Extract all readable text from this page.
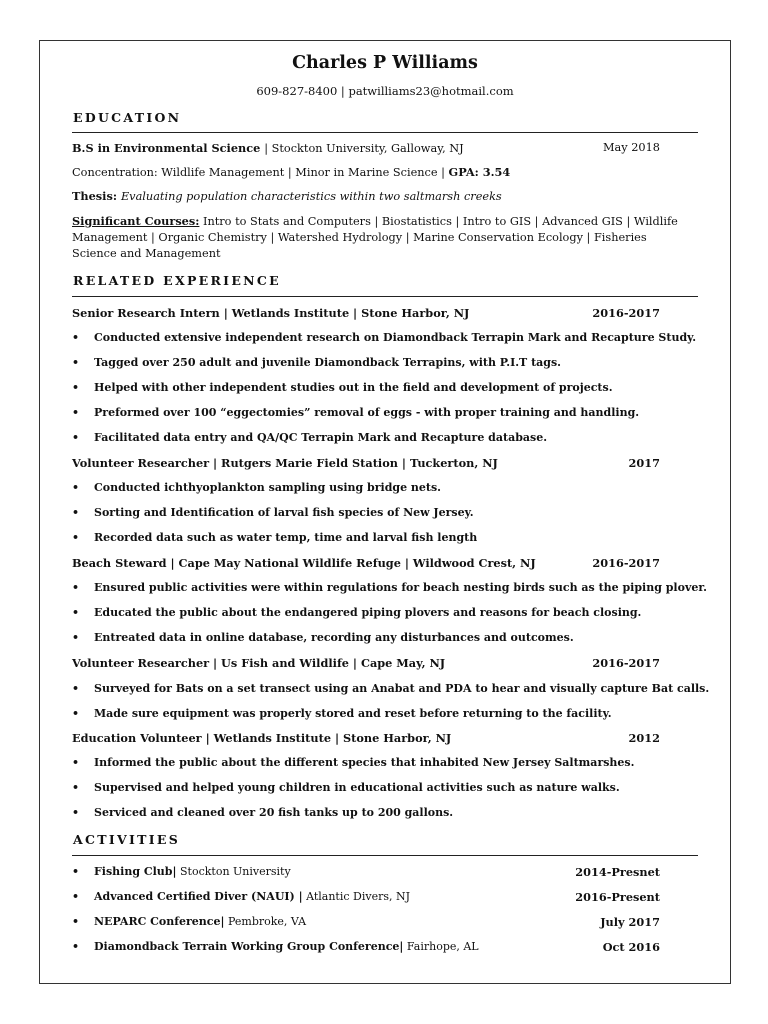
Charles P Williams
609-827-8400 | patwilliams23@hotmail.com
EDUCATION
B.S in Environmental Science | Stockton University, Galloway, NJ	May 2018
Concentration: Wildlife Management | Minor in Marine Science | GPA: 3.54
Thesis: Evaluating population characteristics within two saltmarsh creeks
Significant Courses: Intro to Stats and Computers | Biostatistics | Intro to GIS | Advanced GIS | Wildlife Management | Organic Chemistry | Watershed Hydrology | Marine Conservation Ecology | Fisheries Science and Management
RELATED EXPERIENCE
Senior Research Intern | Wetlands Institute | Stone Harbor, NJ	2016-2017
• Conducted extensive independent research on Diamondback Terrapin Mark and Recapture Study.
• Tagged over 250 adult and juvenile Diamondback Terrapins, with P.I.T tags.
• Helped with other independent studies out in the field and development of projects.
• Preformed over 100 “eggectomies” removal of eggs - with proper training and handling.
• Facilitated data entry and QA/QC Terrapin Mark and Recapture database.
Volunteer Researcher | Rutgers Marie Field Station | Tuckerton, NJ	2017
• Conducted ichthyoplankton sampling using bridge nets.
• Sorting and Identification of larval fish species of New Jersey.
• Recorded data such as water temp, time and larval fish length
Beach Steward | Cape May National Wildlife Refuge | Wildwood Crest, NJ	2016-2017
• Ensured public activities were within regulations for beach nesting birds such as the piping plover.
• Educated the public about the endangered piping plovers and reasons for beach closing.
• Entreated data in online database, recording any disturbances and outcomes.
Volunteer Researcher | Us Fish and Wildlife | Cape May, NJ	2016-2017
• Surveyed for Bats on a set transect using an Anabat and PDA to hear and visually capture Bat calls.
• Made sure equipment was properly stored and reset before returning to the facility.
Education Volunteer | Wetlands Institute | Stone Harbor, NJ	2012
• Informed the public about the different species that inhabited New Jersey Saltmarshes.
• Supervised and helped young children in educational activities such as nature walks.
• Serviced and cleaned over 20 fish tanks up to 200 gallons.
ACTIVITIES
• Fishing Club| Stockton University	2014-Presnet
• Advanced Certified Diver (NAUI) | Atlantic Divers, NJ	2016-Present
• NEPARC Conference| Pembroke, VA	July 2017
• Diamondback Terrain Working Group Conference| Fairhope, AL	Oct 2016
